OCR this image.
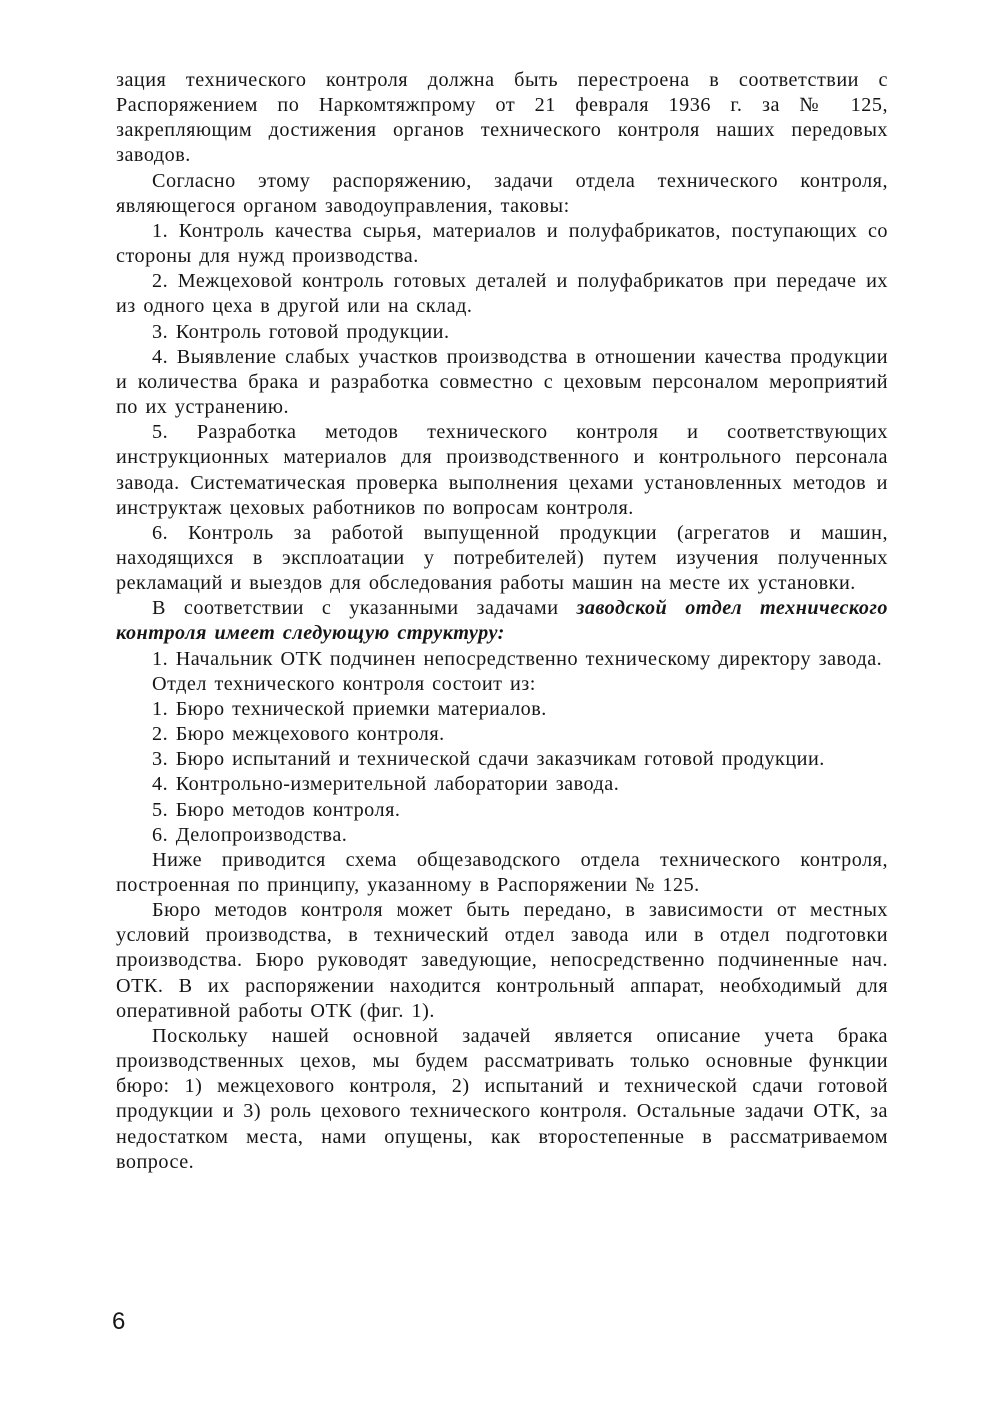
зация технического контроля должна быть перестроена в соответствии с Распоряжением по Наркомтяжпрому от 21 февраля 1936 г. за № 125, закрепляющим достижения органов технического контроля наших передовых заводов.

Согласно этому распоряжению, задачи отдела технического контроля, являющегося органом заводоуправления, таковы:

1. Контроль качества сырья, материалов и полуфабрикатов, поступающих со стороны для нужд производства.

2. Межцеховой контроль готовых деталей и полуфабрикатов при передаче их из одного цеха в другой или на склад.

3. Контроль готовой продукции.

4. Выявление слабых участков производства в отношении качества продукции и количества брака и разработка совместно с цеховым персоналом мероприятий по их устранению.

5. Разработка методов технического контроля и соответствующих инструкционных материалов для производственного и контрольного персонала завода. Систематическая проверка выполнения цехами установленных методов и инструктаж цеховых работников по вопросам контроля.

6. Контроль за работой выпущенной продукции (агрегатов и машин, находящихся в эксплоатации у потребителей) путем изучения полученных рекламаций и выездов для обследования работы машин на месте их установки.

В соответствии с указанными задачами заводской отдел технического контроля имеет следующую структуру:

1. Начальник ОТК подчинен непосредственно техническому директору завода.

Отдел технического контроля состоит из:

1. Бюро технической приемки материалов.

2. Бюро межцехового контроля.

3. Бюро испытаний и технической сдачи заказчикам готовой продукции.

4. Контрольно-измерительной лаборатории завода.

5. Бюро методов контроля.

6. Делопроизводства.

Ниже приводится схема общезаводского отдела технического контроля, построенная по принципу, указанному в Распоряжении № 125.

Бюро методов контроля может быть передано, в зависимости от местных условий производства, в технический отдел завода или в отдел подготовки производства. Бюро руководят заведующие, непосредственно подчиненные нач. ОТК. В их распоряжении находится контрольный аппарат, необходимый для оперативной работы ОТК (фиг. 1).

Поскольку нашей основной задачей является описание учета брака производственных цехов, мы будем рассматривать только основные функции бюро: 1) межцехового контроля, 2) испытаний и технической сдачи готовой продукции и 3) роль цехового технического контроля. Остальные задачи ОТК, за недостатком места, нами опущены, как второстепенные в рассматриваемом вопросе.

6
